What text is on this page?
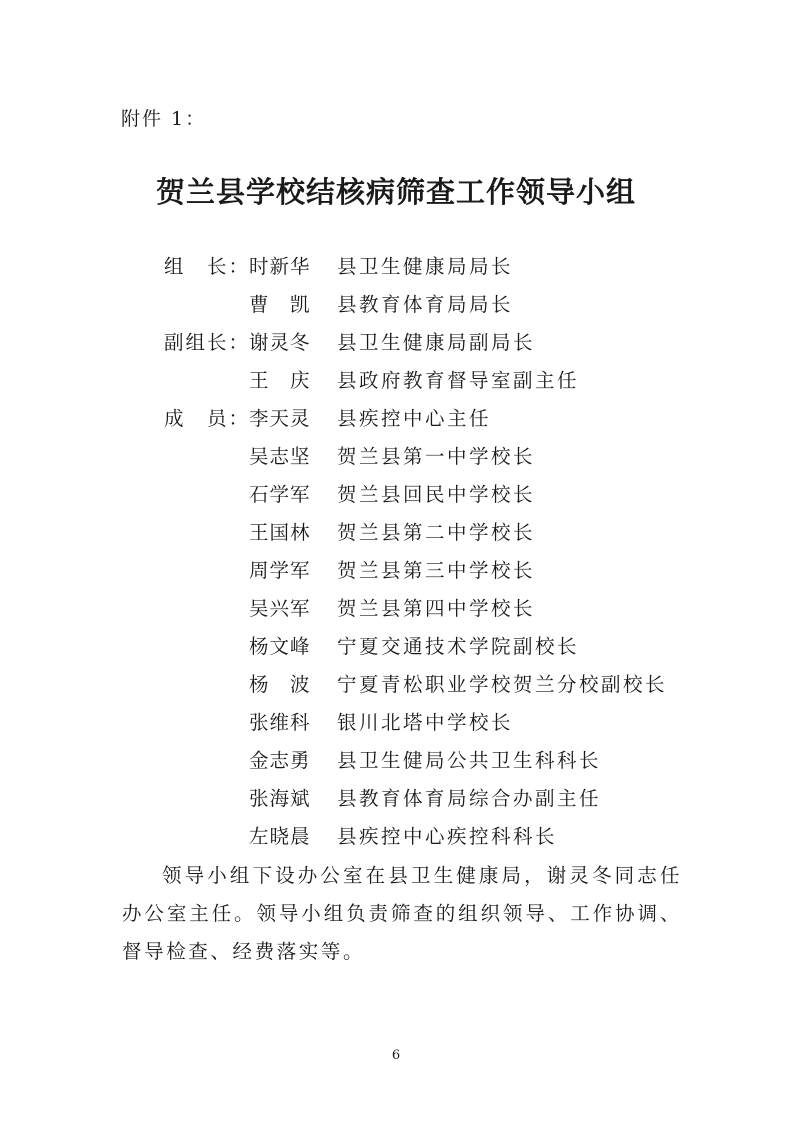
附件 1：
贺兰县学校结核病筛查工作领导小组
组　长：
时新华 县卫生健康局局长
曹　凯 县教育体育局局长
副组长：
谢灵冬 县卫生健康局副局长
王　庆 县政府教育督导室副主任
成　员：
李天灵 县疾控中心主任
吴志坚 贺兰县第一中学校长
石学军 贺兰县回民中学校长
王国林 贺兰县第二中学校长
周学军 贺兰县第三中学校长
吴兴军 贺兰县第四中学校长
杨文峰 宁夏交通技术学院副校长
杨　波 宁夏青松职业学校贺兰分校副校长
张维科 银川北塔中学校长
金志勇 县卫生健局公共卫生科科长
张海斌 县教育体育局综合办副主任
左晓晨 县疾控中心疾控科科长

领导小组下设办公室在县卫生健康局，谢灵冬同志任办公室主任。领导小组负责筛查的组织领导、工作协调、督导检查、经费落实等。

6
